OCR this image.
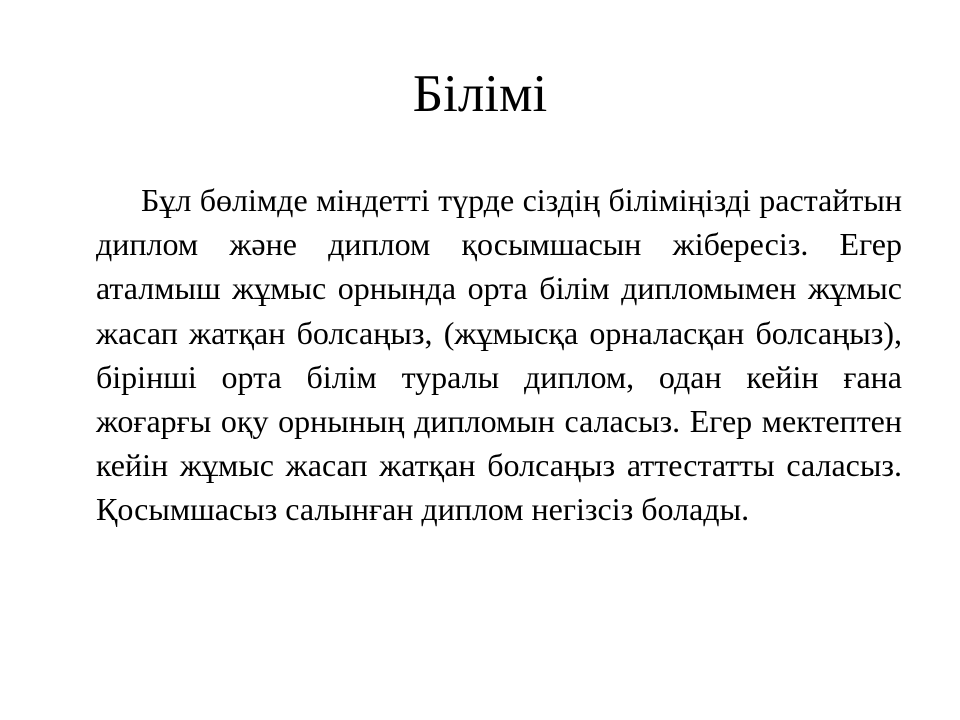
Білімі

Бұл бөлімде міндетті түрде сіздің біліміңізді растайтын диплом және диплом қосымшасын жібересіз. Егер аталмыш жұмыс орнында орта білім дипломымен жұмыс жасап жатқан болсаңыз, (жұмысқа орналасқан болсаңыз), бірінші орта білім туралы диплом, одан кейін ғана жоғарғы оқу орнының дипломын саласыз. Егер мектептен кейін жұмыс жасап жатқан болсаңыз аттестатты саласыз. Қосымшасыз салынған диплом негізсіз болады.
